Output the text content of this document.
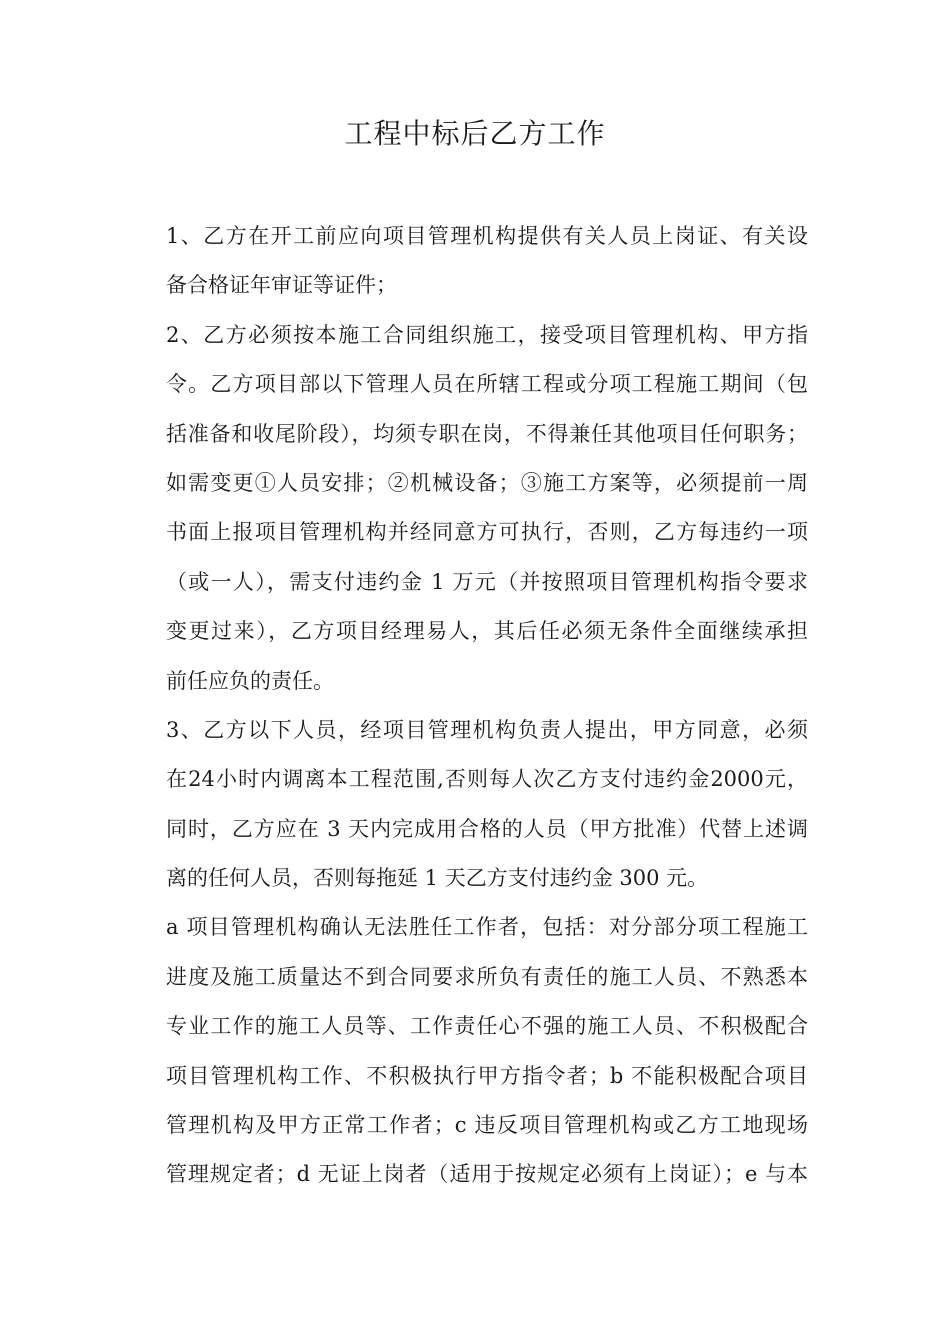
工程中标后乙方工作
1、乙方在开工前应向项目管理机构提供有关人员上岗证、有关设
备合格证年审证等证件；
2、乙方必须按本施工合同组织施工，接受项目管理机构、甲方指
令。乙方项目部以下管理人员在所辖工程或分项工程施工期间（包
括准备和收尾阶段），均须专职在岗，不得兼任其他项目任何职务；
如需变更①人员安排；②机械设备；③施工方案等，必须提前一周
书面上报项目管理机构并经同意方可执行，否则，乙方每违约一项
（或一人），需支付违约金 1 万元（并按照项目管理机构指令要求
变更过来），乙方项目经理易人，其后任必须无条件全面继续承担
前任应负的责任。
3、乙方以下人员，经项目管理机构负责人提出，甲方同意，必须
在24小时内调离本工程范围,否则每人次乙方支付违约金2000元，
同时，乙方应在 3 天内完成用合格的人员（甲方批准）代替上述调
离的任何人员，否则每拖延 1 天乙方支付违约金 300 元。
a 项目管理机构确认无法胜任工作者，包括：对分部分项工程施工
进度及施工质量达不到合同要求所负有责任的施工人员、不熟悉本
专业工作的施工人员等、工作责任心不强的施工人员、不积极配合
项目管理机构工作、不积极执行甲方指令者；b 不能积极配合项目
管理机构及甲方正常工作者；c 违反项目管理机构或乙方工地现场
管理规定者；d 无证上岗者（适用于按规定必须有上岗证）；e 与本
